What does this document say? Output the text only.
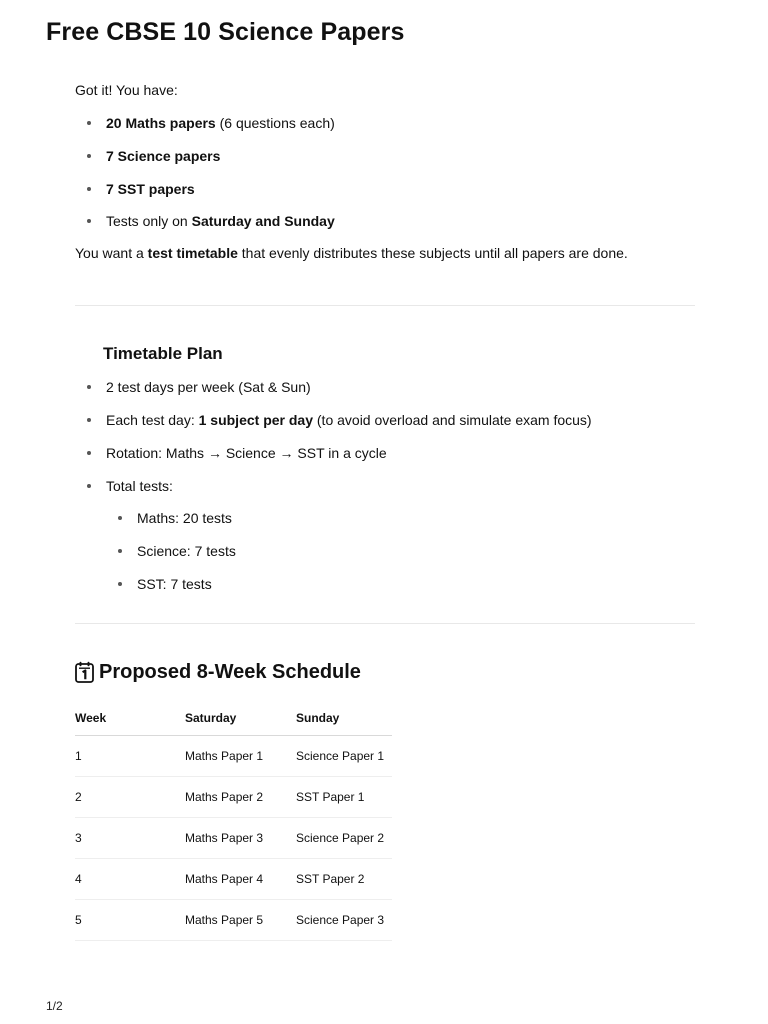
Free CBSE 10 Science Papers

Got it! You have:

20 Maths papers (6 questions each)
7 Science papers
7 SST papers
Tests only on Saturday and Sunday

You want a test timetable that evenly distributes these subjects until all papers are done.

Timetable Plan
2 test days per week (Sat & Sun)
Each test day: 1 subject per day (to avoid overload and simulate exam focus)
Rotation: Maths → Science → SST in a cycle
Total tests:
Maths: 20 tests
Science: 7 tests
SST: 7 tests
Proposed 8-Week Schedule
Week	Saturday	Sunday
1	Maths Paper 1	Science Paper 1
2	Maths Paper 2	SST Paper 1
3	Maths Paper 3	Science Paper 2
4	Maths Paper 4	SST Paper 2
5	Maths Paper 5	Science Paper 3
1/2
